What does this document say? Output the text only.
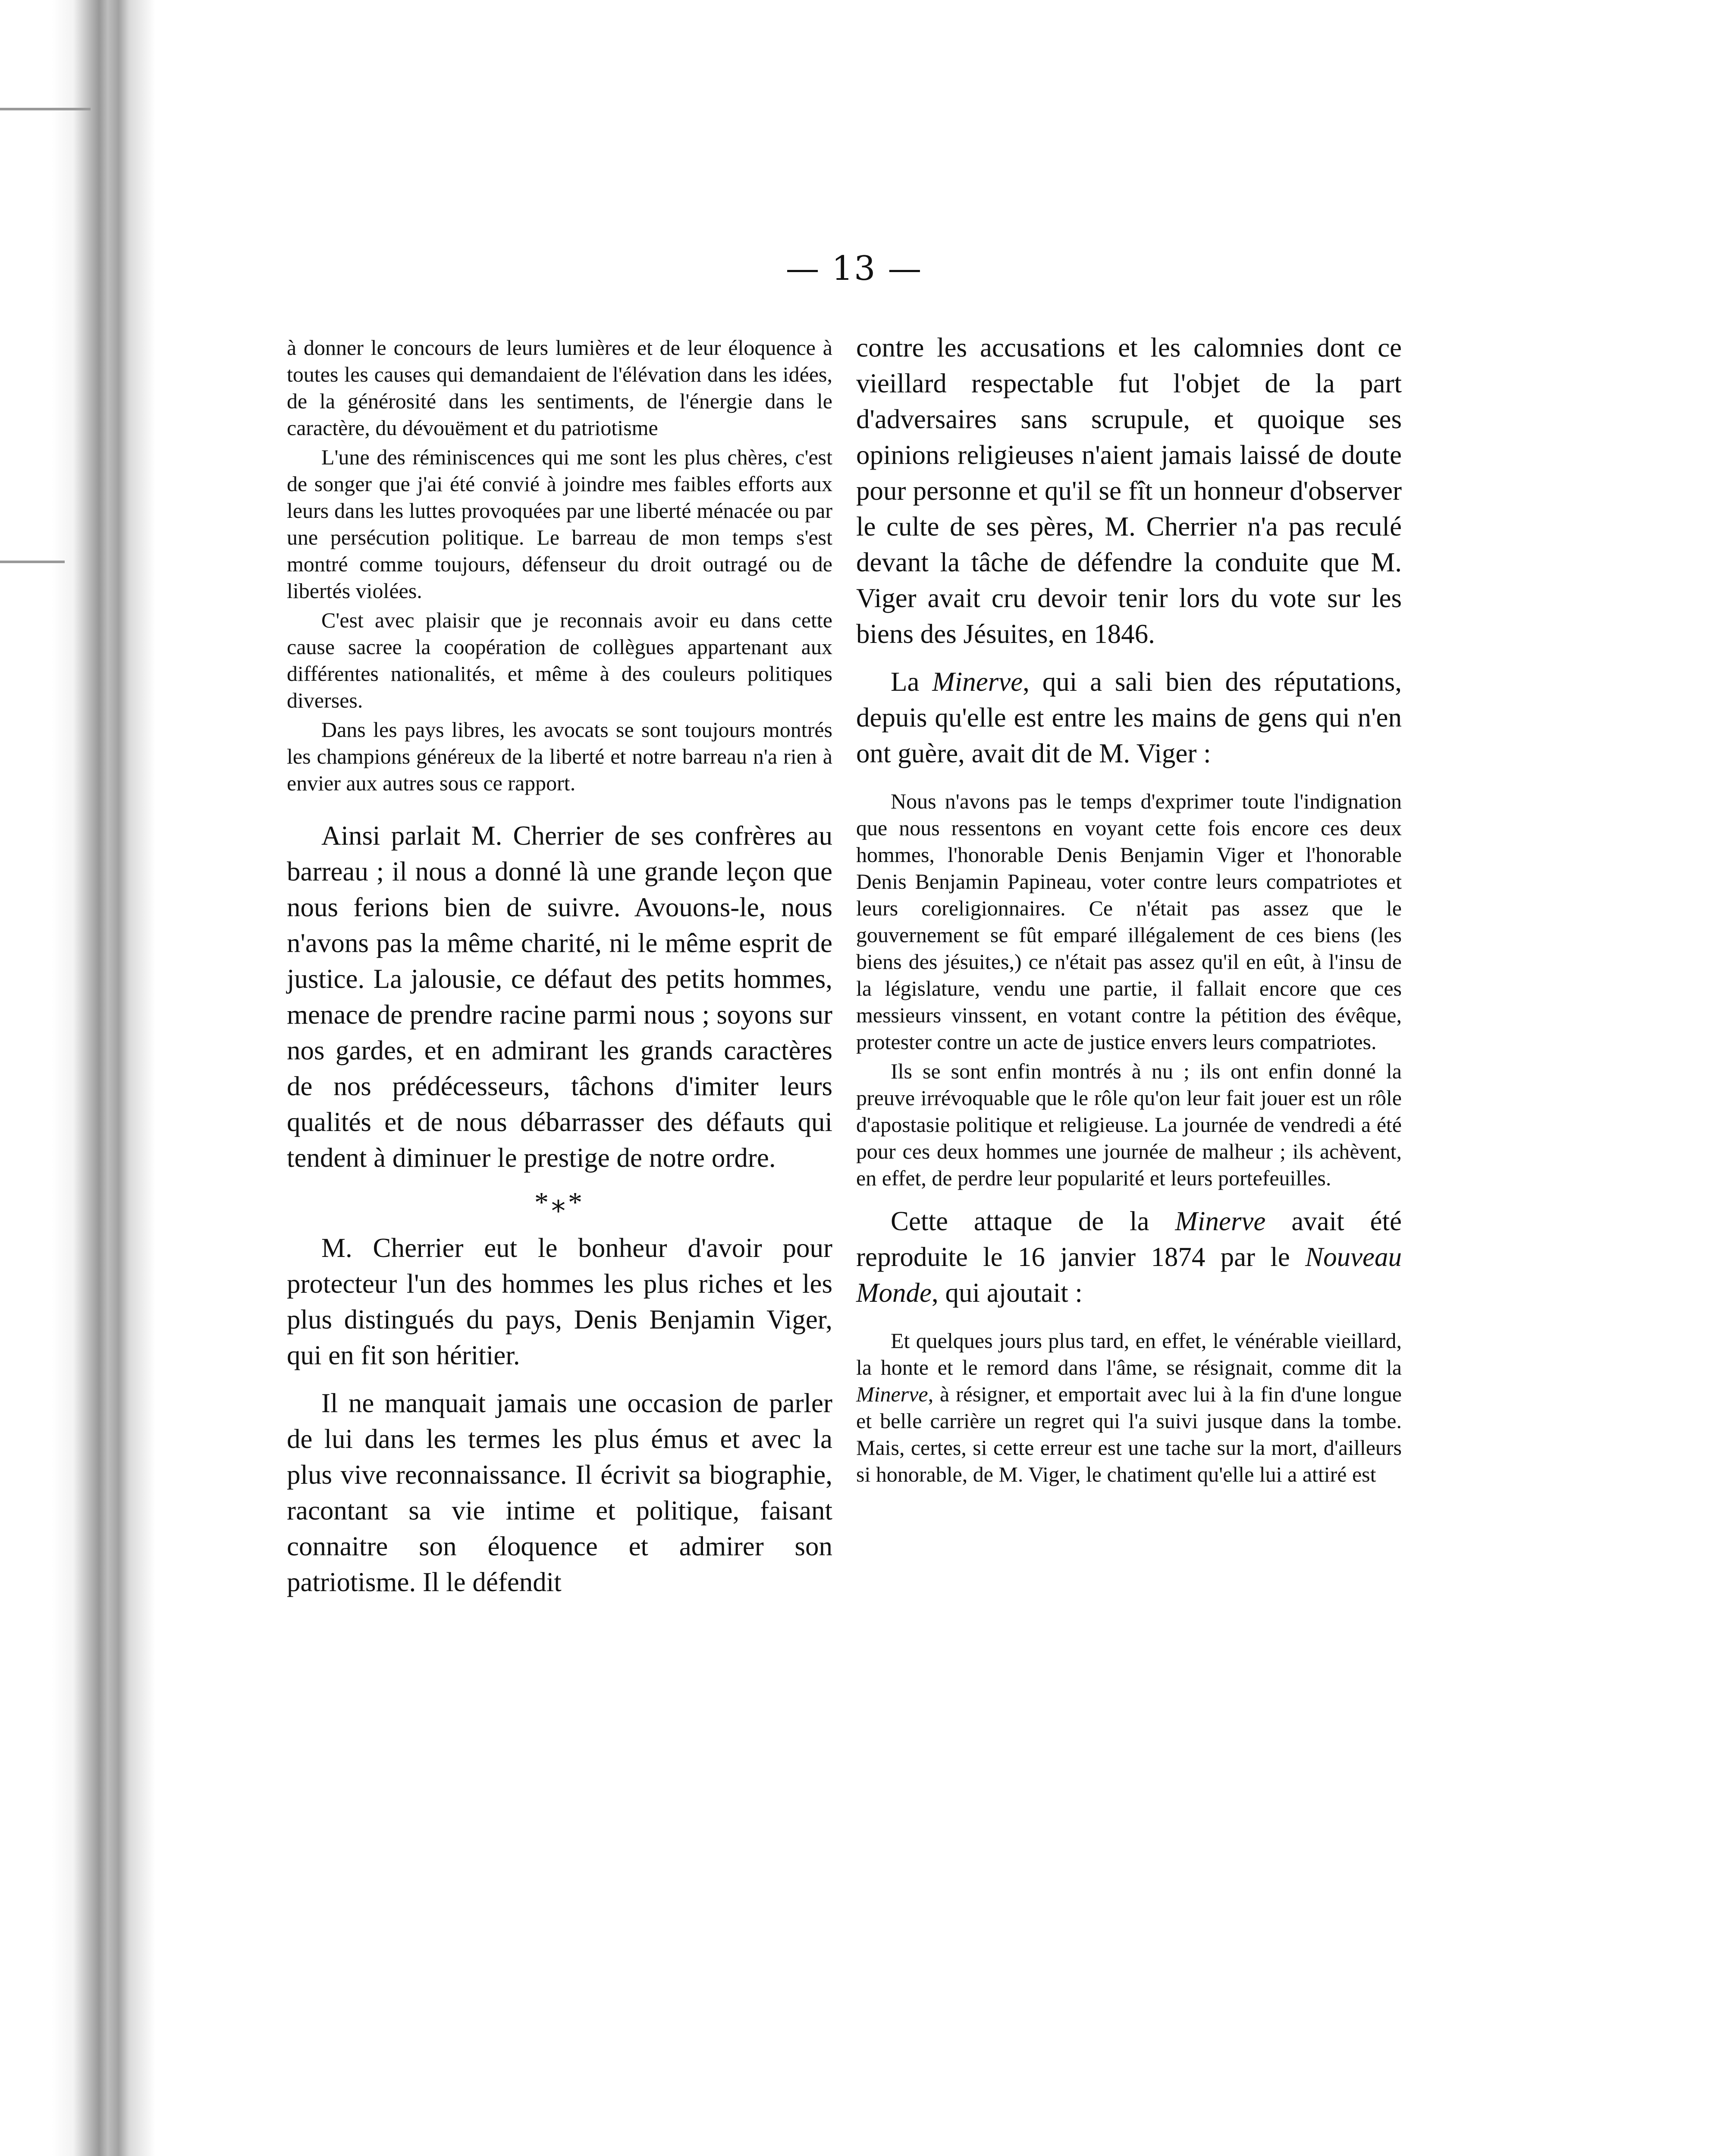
— 13 —

à donner le concours de leurs lumières et de leur éloquence à toutes les causes qui demandaient de l'élévation dans les idées, de la générosité dans les sentiments, de l'énergie dans le caractère, du dévouëment et du patriotisme

L'une des réminiscences qui me sont les plus chères, c'est de songer que j'ai été convié à joindre mes faibles efforts aux leurs dans les luttes provoquées par une liberté ménacée ou par une persécution politique. Le barreau de mon temps s'est montré comme toujours, défenseur du droit outragé ou de libertés violées.

C'est avec plaisir que je reconnais avoir eu dans cette cause sacree la coopération de collègues appartenant aux différentes nationalités, et même à des couleurs politiques diverses.

Dans les pays libres, les avocats se sont toujours montrés les champions généreux de la liberté et notre barreau n'a rien à envier aux autres sous ce rapport.

Ainsi parlait M. Cherrier de ses confrères au barreau ; il nous a donné là une grande leçon que nous ferions bien de suivre. Avouons-le, nous n'avons pas la même charité, ni le même esprit de justice. La jalousie, ce défaut des petits hommes, menace de prendre racine parmi nous ; soyons sur nos gardes, et en admirant les grands caractères de nos prédécesseurs, tâchons d'imiter leurs qualités et de nous débarrasser des défauts qui tendent à diminuer le prestige de notre ordre.

*⁎*

M. Cherrier eut le bonheur d'avoir pour protecteur l'un des hommes les plus riches et les plus distingués du pays, Denis Benjamin Viger, qui en fit son héritier.

Il ne manquait jamais une occasion de parler de lui dans les termes les plus émus et avec la plus vive reconnaissance. Il écrivit sa biographie, racontant sa vie intime et politique, faisant connaitre son éloquence et admirer son patriotisme. Il le défendit

contre les accusations et les calomnies dont ce vieillard respectable fut l'objet de la part d'adversaires sans scrupule, et quoique ses opinions religieuses n'aient jamais laissé de doute pour personne et qu'il se fît un honneur d'observer le culte de ses pères, M. Cherrier n'a pas reculé devant la tâche de défendre la conduite que M. Viger avait cru devoir tenir lors du vote sur les biens des Jésuites, en 1846.

La Minerve, qui a sali bien des réputations, depuis qu'elle est entre les mains de gens qui n'en ont guère, avait dit de M. Viger :

Nous n'avons pas le temps d'exprimer toute l'indignation que nous ressentons en voyant cette fois encore ces deux hommes, l'honorable Denis Benjamin Viger et l'honorable Denis Benjamin Papineau, voter contre leurs compatriotes et leurs coreligionnaires. Ce n'était pas assez que le gouvernement se fût emparé illégalement de ces biens (les biens des jésuites,) ce n'était pas assez qu'il en eût, à l'insu de la législature, vendu une partie, il fallait encore que ces messieurs vinssent, en votant contre la pétition des évêque, protester contre un acte de justice envers leurs compatriotes.

Ils se sont enfin montrés à nu ; ils ont enfin donné la preuve irrévoquable que le rôle qu'on leur fait jouer est un rôle d'apostasie politique et religieuse. La journée de vendredi a été pour ces deux hommes une journée de malheur ; ils achèvent, en effet, de perdre leur popularité et leurs portefeuilles.

Cette attaque de la Minerve avait été reproduite le 16 janvier 1874 par le Nouveau Monde, qui ajoutait :

Et quelques jours plus tard, en effet, le vénérable vieillard, la honte et le remord dans l'âme, se résignait, comme dit la Minerve, à résigner, et emportait avec lui à la fin d'une longue et belle carrière un regret qui l'a suivi jusque dans la tombe. Mais, certes, si cette erreur est une tache sur la mort, d'ailleurs si honorable, de M. Viger, le chatiment qu'elle lui a attiré est
